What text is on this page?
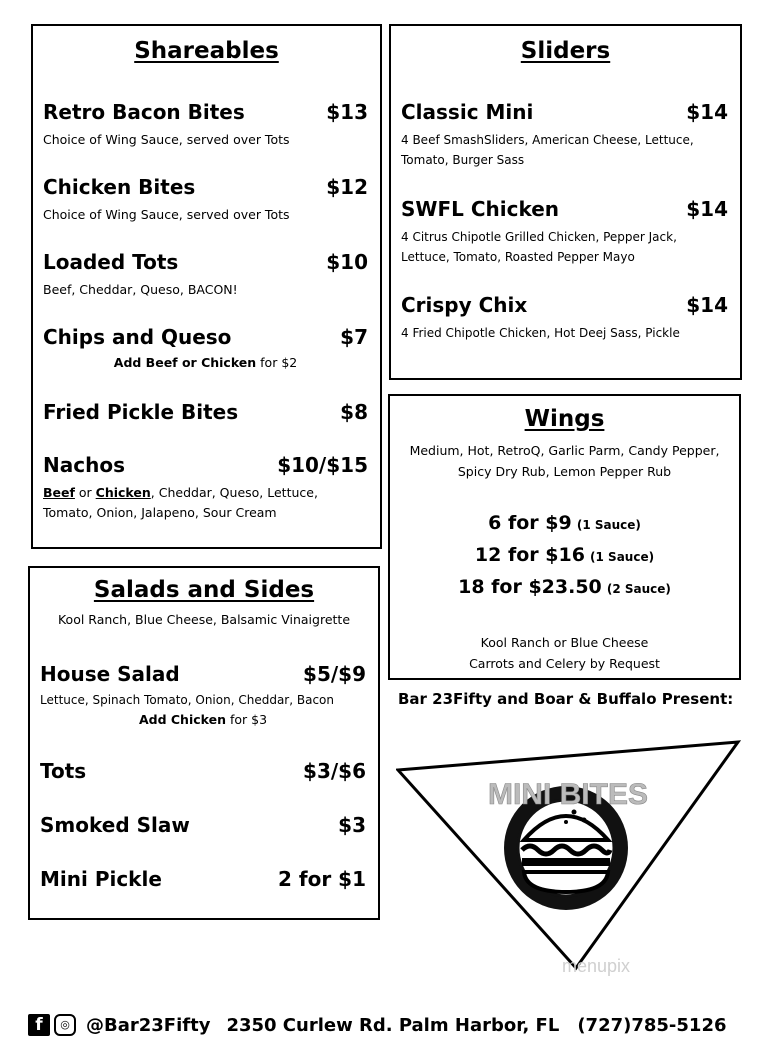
Shareables
Retro Bacon Bites	$13
Choice of Wing Sauce, served over Tots
Chicken Bites	$12
Choice of Wing Sauce, served over Tots
Loaded Tots	$10
Beef, Cheddar, Queso, BACON!
Chips and Queso	$7
Add Beef or Chicken for $2
Fried Pickle Bites	$8
Nachos	$10/$15
Beef or Chicken, Cheddar, Queso, Lettuce,
Tomato, Onion, Jalapeno, Sour Cream
Salads and Sides
Kool Ranch, Blue Cheese, Balsamic Vinaigrette
House Salad	$5/$9
Lettuce, Spinach Tomato, Onion, Cheddar, Bacon
Add Chicken for $3
Tots	$3/$6
Smoked Slaw	$3
Mini Pickle	2 for $1
Sliders
Classic Mini	$14
4 Beef SmashSliders, American Cheese, Lettuce,
Tomato, Burger Sass
SWFL Chicken	$14
4 Citrus Chipotle Grilled Chicken, Pepper Jack,
Lettuce, Tomato, Roasted Pepper Mayo
Crispy Chix	$14
4 Fried Chipotle Chicken, Hot Deej Sass, Pickle
Wings
Medium, Hot, RetroQ, Garlic Parm, Candy Pepper,
Spicy Dry Rub, Lemon Pepper Rub
6 for $9 (1 Sauce)
12 for $16 (1 Sauce)
18 for $23.50 (2 Sauce)
Kool Ranch or Blue Cheese
Carrots and Celery by Request
Bar 23Fifty and Boar & Buffalo Present:
MINI BITES
menupix
f	◎ @Bar23Fifty 2350 Curlew Rd. Palm Harbor, FL (727)785-5126
